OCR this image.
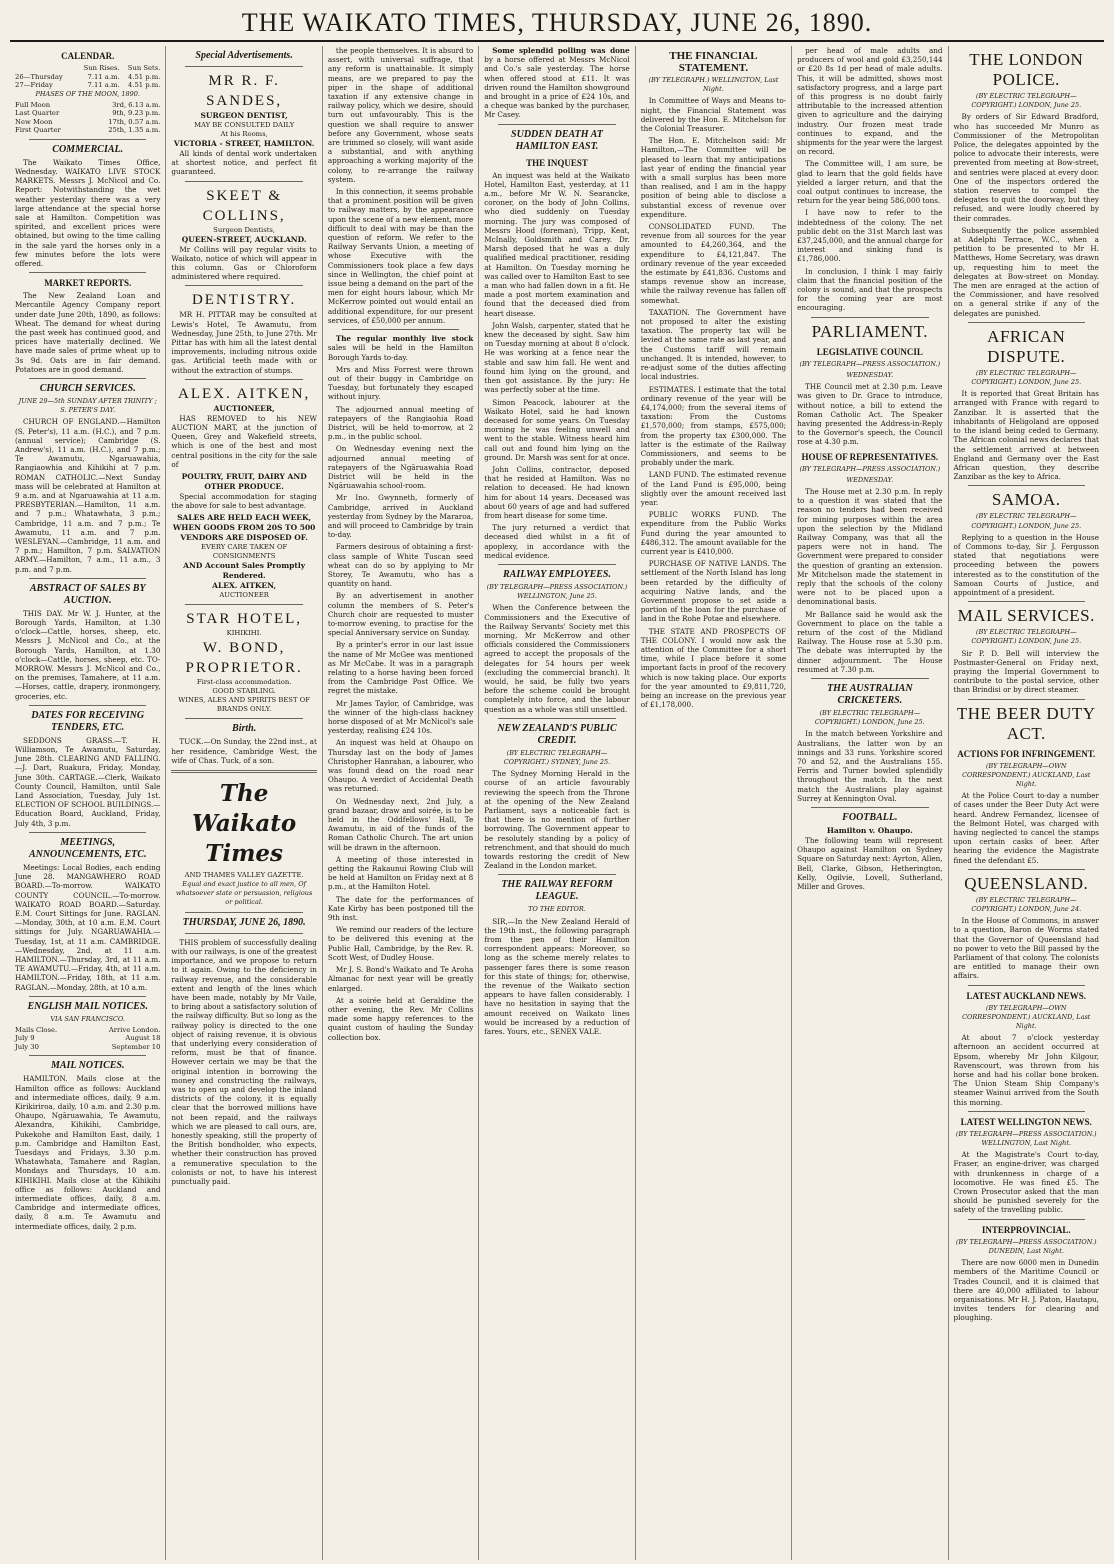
THE WAIKATO TIMES, THURSDAY, JUNE 26, 1890.
CALENDAR.
	Sun Rises.	Sun Sets.
26—Thursday	7.11 a.m.	4.51 p.m.
27—Friday	7.11 a.m.	4.51 p.m.
PHASES OF THE MOON, 1890.
Full Moon	3rd, 6.13 a.m.
Last Quarter	9th, 9.23 p.m.
New Moon	17th, 0.57 a.m.
First Quarter	25th, 1.35 a.m.
COMMERCIAL.

The Waikato Times Office, Wednesday. WAIKATO LIVE STOCK MARKETS. Messrs J. McNicol and Co. Report: Notwithstanding the wet weather yesterday there was a very large attendance at the special horse sale at Hamilton. Competition was spirited, and excellent prices were obtained, but owing to the time calling in the sale yard the horses only in a few minutes before the lots were offered.

MARKET REPORTS.

The New Zealand Loan and Mercantile Agency Company report under date June 20th, 1890, as follows: Wheat. The demand for wheat during the past week has continued good, and prices have materially declined. We have made sales of prime wheat up to 3s 9d. Oats are in fair demand. Potatoes are in good demand.

CHURCH SERVICES.
JUNE 29—5th SUNDAY AFTER TRINITY ; S. PETER'S DAY.

CHURCH OF ENGLAND.—Hamilton (S. Peter's), 11 a.m. (H.C.), and 7 p.m. (annual service); Cambridge (S. Andrew's), 11 a.m. (H.C.), and 7 p.m.; Te Awamutu, Ngaruawahia, Rangiaowhia and Kihikihi at 7 p.m. ROMAN CATHOLIC.—Next Sunday mass will be celebrated at Hamilton at 9 a.m. and at Ngaruawahia at 11 a.m. PRESBYTERIAN.—Hamilton, 11 a.m. and 7 p.m.; Whatawhata, 3 p.m.; Cambridge, 11 a.m. and 7 p.m.; Te Awamutu, 11 a.m. and 7 p.m. WESLEYAN.—Cambridge, 11 a.m. and 7 p.m.; Hamilton, 7 p.m. SALVATION ARMY.—Hamilton, 7 a.m., 11 a.m., 3 p.m. and 7 p.m.

ABSTRACT OF SALES BY AUCTION.

THIS DAY. Mr W. J. Hunter, at the Borough Yards, Hamilton, at 1.30 o'clock—Cattle, horses, sheep, etc. Messrs J. McNicol and Co., at the Borough Yards, Hamilton, at 1.30 o'clock—Cattle, horses, sheep, etc. TO-MORROW. Messrs J. McNicol and Co., on the premises, Tamahere, at 11 a.m.—Horses, cattle, drapery, ironmongery, groceries, etc.

DATES FOR RECEIVING TENDERS, ETC.

SEDDONS GRASS.—T. H. Williamson, Te Awamutu, Saturday, June 28th. CLEARING AND FALLING.—J. Dart, Ruakura, Friday, Monday, June 30th. CARTAGE.—Clerk, Waikato County Council, Hamilton, until Sale Land Association, Tuesday, July 1st. ELECTION OF SCHOOL BUILDINGS.—Education Board, Auckland, Friday, July 4th, 3 p.m.

MEETINGS, ANNOUNCEMENTS, ETC.

Meetings: Local Bodies, each ending June 28. MANGAWHERO ROAD BOARD.—To-morrow. WAIKATO COUNTY COUNCIL.—To-morrow. WAIKATO ROAD BOARD.—Saturday. E.M. Court Sittings for June. RAGLAN.—Monday, 30th, at 10 a.m. E.M. Court sittings for July. NGARUAWAHIA.—Tuesday, 1st, at 11 a.m. CAMBRIDGE.—Wednesday, 2nd, at 11 a.m. HAMILTON.—Thursday, 3rd, at 11 a.m. TE AWAMUTU.—Friday, 4th, at 11 a.m. HAMILTON.—Friday, 18th, at 11 a.m. RAGLAN.—Monday, 28th, at 10 a.m.

ENGLISH MAIL NOTICES.
VIA SAN FRANCISCO.
Mails Close.	Arrive London.
July 9	August 18
July 30	September 10
MAIL NOTICES.

HAMILTON. Mails close at the Hamilton office as follows: Auckland and intermediate offices, daily, 9 a.m. Kirikiriroa, daily, 10 a.m. and 2.30 p.m. Ohaupo, Ngāruawahia, Te Awamutu, Alexandra, Kihikihi, Cambridge, Pukekohe and Hamilton East, daily, 1 p.m. Cambridge and Hamilton East, Tuesdays and Fridays, 3.30 p.m. Whatawhata, Tamahere and Raglan, Mondays and Thursdays, 10 a.m. KIHIKIHI. Mails close at the Kihikihi office as follows: Auckland and intermediate offices, daily, 8 a.m. Cambridge and intermediate offices, daily, 8 a.m. Te Awamutu and intermediate offices, daily, 2 p.m.

Special Advertisements.
MR R. F. SANDES,
SURGEON DENTIST,
MAY BE CONSULTED DAILY
At his Rooms,
VICTORIA - STREET, HAMILTON.

All kinds of dental work undertaken at shortest notice, and perfect fit guaranteed.

SKEET & COLLINS,
Surgeon Dentists,
QUEEN-STREET, AUCKLAND.

Mr Collins will pay regular visits to Waikato, notice of which will appear in this column. Gas or Chloroform administered where required.

DENTISTRY.

MR H. PITTAR may be consulted at Lewis's Hotel, Te Awamutu, from Wednesday, June 25th, to June 27th. Mr Pittar has with him all the latest dental improvements, including nitrous oxide gas. Artificial teeth made with or without the extraction of stumps.

ALEX. AITKEN,
AUCTIONEER,

HAS REMOVED to his NEW AUCTION MART, at the junction of Queen, Grey and Wakefield streets, which is one of the best and most central positions in the city for the sale of

POULTRY, FRUIT, DAIRY AND OTHER PRODUCE.

Special accommodation for staging the above for sale to best advantage.

SALES ARE HELD EACH WEEK, WHEN GOODS FROM 20S TO 500 VENDORS ARE DISPOSED OF.
EVERY CARE TAKEN OF CONSIGNMENTS
AND Account Sales Promptly Rendered.
ALEX. AITKEN,
AUCTIONEER
STAR HOTEL,
KIHIKIHI.
W. BOND, PROPRIETOR.
First-class accommodation.
GOOD STABLING.
WINES, ALES AND SPIRITS BEST OF BRANDS ONLY.
Birth.

TUCK.—On Sunday, the 22nd inst., at her residence, Cambridge West, the wife of Chas. Tuck, of a son.

The Waikato Times
AND THAMES VALLEY GAZETTE.
Equal and exact justice to all men, Of whatsoever state or persuasion, religious or political.
THURSDAY, JUNE 26, 1890.

THIS problem of successfully dealing with our railways, is one of the greatest importance, and we propose to return to it again. Owing to the deficiency in railway revenue, and the considerable extent and length of the lines which have been made, notably by Mr Vaile, to bring about a satisfactory solution of the railway difficulty. But so long as the railway policy is directed to the one object of raising revenue, it is obvious that underlying every consideration of reform, must be that of finance. However certain we may be that the original intention in borrowing the money and constructing the railways, was to open up and develop the inland districts of the colony, it is equally clear that the borrowed millions have not been repaid, and the railways which we are pleased to call ours, are, honestly speaking, still the property of the British bondholder, who expects, whether their construction has proved a remunerative speculation to the colonists or not, to have his interest punctually paid.

the people themselves. It is absurd to assert, with universal suffrage, that any reform is unattainable. It simply means, are we prepared to pay the piper in the shape of additional taxation if any extensive change in railway policy, which we desire, should turn out unfavourably. This is the question we shall require to answer before any Government, whose seats are trimmed so closely, will want aside a substantial, and with anything approaching a working majority of the colony, to re-arrange the railway system.

In this connection, it seems probable that a prominent position will be given to railway matters, by the appearance upon the scene of a new element, more difficult to deal with may be than the question of reform. We refer to the Railway Servants Union, a meeting of whose Executive with the Commissioners took place a few days since in Wellington, the chief point at issue being a demand on the part of the men for eight hours labour, which Mr McKerrow pointed out would entail an additional expenditure, for our present services, of £50,000 per annum.

The regular monthly live stock sales will be held in the Hamilton Borough Yards to-day.

Mrs and Miss Forrest were thrown out of their buggy in Cambridge on Tuesday, but fortunately they escaped without injury.

The adjourned annual meeting of ratepayers of the Rangiaohia Road District, will be held to-morrow, at 2 p.m., in the public school.

On Wednesday evening next the adjourned annual meeting of ratepayers of the Ngāruawahia Road District will be held in the Ngāruawahia school-room.

Mr Ino. Gwynneth, formerly of Cambridge, arrived in Auckland yesterday from Sydney by the Mararoa, and will proceed to Cambridge by train to-day.

Farmers desirous of obtaining a first-class sample of White Tuscan seed wheat can do so by applying to Mr Storey, Te Awamutu, who has a quantity on hand.

By an advertisement in another column the members of S. Peter's Church choir are requested to muster to-morrow evening, to practise for the special Anniversary service on Sunday.

By a printer's error in our last issue the name of Mr McGee was mentioned as Mr McCabe. It was in a paragraph relating to a horse having been forced from the Cambridge Post Office. We regret the mistake.

Mr James Taylor, of Cambridge, was the winner of the high-class hackney horse disposed of at Mr McNicol's sale yesterday, realising £24 10s.

An inquest was held at Ohaupo on Thursday last on the body of James Christopher Hanrahan, a labourer, who was found dead on the road near Ohaupo. A verdict of Accidental Death was returned.

On Wednesday next, 2nd July, a grand bazaar, draw and soirée, is to be held in the Oddfellows' Hall, Te Awamutu, in aid of the funds of the Roman Catholic Church. The art union will be drawn in the afternoon.

A meeting of those interested in getting the Rakaunui Rowing Club will be held at Hamilton on Friday next at 8 p.m., at the Hamilton Hotel.

The date for the performances of Kate Kirby has been postponed till the 9th inst.

We remind our readers of the lecture to be delivered this evening at the Public Hall, Cambridge, by the Rev. R. Scott West, of Dudley House.

Mr J. S. Bond's Waikato and Te Aroha Almanac for next year will be greatly enlarged.

At a soirée held at Geraldine the other evening, the Rev. Mr Collins made some happy references to the quaint custom of hauling the Sunday collection box.

Some splendid polling was done by a horse offered at Messrs McNicol and Co.'s sale yesterday. The horse when offered stood at £11. It was driven round the Hamilton showground and brought in a price of £24 10s, and a cheque was banked by the purchaser, Mr Casey.

SUDDEN DEATH AT HAMILTON EAST.
THE INQUEST

An inquest was held at the Waikato Hotel, Hamilton East, yesterday, at 11 a.m., before Mr W. N. Searancke, coroner, on the body of John Collins, who died suddenly on Tuesday morning. The jury was composed of Messrs Hood (foreman), Tripp, Keat, McInally, Goldsmith and Carey. Dr. Marsh deposed that he was a duly qualified medical practitioner, residing at Hamilton. On Tuesday morning he was called over to Hamilton East to see a man who had fallen down in a fit. He made a post mortem examination and found that the deceased died from heart disease.

John Walsh, carpenter, stated that he knew the deceased by sight. Saw him on Tuesday morning at about 8 o'clock. He was working at a fence near the stable and saw him fall. He went and found him lying on the ground, and then got assistance. By the jury: He was perfectly sober at the time.

Simon Peacock, labourer at the Waikato Hotel, said he had known deceased for some years. On Tuesday morning he was feeling unwell and went to the stable. Witness heard him call out and found him lying on the ground. Dr. Marsh was sent for at once.

John Collins, contractor, deposed that he resided at Hamilton. Was no relation to deceased. He had known him for about 14 years. Deceased was about 60 years of age and had suffered from heart disease for some time.

The jury returned a verdict that deceased died whilst in a fit of apoplexy, in accordance with the medical evidence.

RAILWAY EMPLOYEES.
(BY TELEGRAPH—PRESS ASSOCIATION.) WELLINGTON, June 25.

When the Conference between the Commissioners and the Executive of the Railway Servants' Society met this morning, Mr McKerrow and other officials considered the Commissioners agreed to accept the proposals of the delegates for 54 hours per week (excluding the commercial branch). It would, he said, be fully two years before the scheme could be brought completely into force, and the labour question as a whole was still unsettled.

NEW ZEALAND'S PUBLIC CREDIT.
(BY ELECTRIC TELEGRAPH—COPYRIGHT.) SYDNEY, June 25.

The Sydney Morning Herald in the course of an article favourably reviewing the speech from the Throne at the opening of the New Zealand Parliament, says a noticeable fact is that there is no mention of further borrowing. The Government appear to be resolutely standing by a policy of retrenchment, and that should do much towards restoring the credit of New Zealand in the London market.

THE RAILWAY REFORM LEAGUE.
TO THE EDITOR.

SIR,—In the New Zealand Herald of the 19th inst., the following paragraph from the pen of their Hamilton correspondent appears: Moreover, so long as the scheme merely relates to passenger fares there is some reason for this state of things; for, otherwise, the revenue of the Waikato section appears to have fallen considerably. I have no hesitation in saying that the amount received on Waikato lines would be increased by a reduction of fares. Yours, etc., SENEX VALE.

THE FINANCIAL STATEMENT.
(BY TELEGRAPH.) WELLINGTON, Last Night.

In Committee of Ways and Means to-night, the Financial Statement was delivered by the Hon. E. Mitchelson for the Colonial Treasurer.

The Hon. E. Mitchelson said: Mr Hamilton,—The Committee will be pleased to learn that my anticipations last year of ending the financial year with a small surplus has been more than realised, and I am in the happy position of being able to disclose a substantial excess of revenue over expenditure.

CONSOLIDATED FUND. The revenue from all sources for the year amounted to £4,260,364, and the expenditure to £4,121,847. The ordinary revenue of the year exceeded the estimate by £41,836. Customs and stamps revenue show an increase, while the railway revenue has fallen off somewhat.

TAXATION. The Government have not proposed to alter the existing taxation. The property tax will be levied at the same rate as last year, and the Customs tariff will remain unchanged. It is intended, however, to re-adjust some of the duties affecting local industries.

ESTIMATES. I estimate that the total ordinary revenue of the year will be £4,174,000; from the several items of taxation: From the Customs £1,570,000; from stamps, £575,000; from the property tax £300,000. The latter is the estimate of the Railway Commissioners, and seems to be probably under the mark.

LAND FUND. The estimated revenue of the Land Fund is £95,000, being slightly over the amount received last year.

PUBLIC WORKS FUND. The expenditure from the Public Works Fund during the year amounted to £486,312. The amount available for the current year is £410,000.

PURCHASE OF NATIVE LANDS. The settlement of the North Island has long been retarded by the difficulty of acquiring Native lands, and the Government propose to set aside a portion of the loan for the purchase of land in the Rohe Potae and elsewhere.

THE STATE AND PROSPECTS OF THE COLONY. I would now ask the attention of the Committee for a short time, while I place before it some important facts in proof of the recovery which is now taking place. Our exports for the year amounted to £9,811,720, being an increase on the previous year of £1,178,000.

per head of male adults and producers of wool and gold £3,250,144 or £20 8s 1d per head of male adults. This, it will be admitted, shows most satisfactory progress, and a large part of this progress is no doubt fairly attributable to the increased attention given to agriculture and the dairying industry. Our frozen meat trade continues to expand, and the shipments for the year were the largest on record.

The Committee will, I am sure, be glad to learn that the gold fields have yielded a larger return, and that the coal output continues to increase, the return for the year being 586,000 tons.

I have now to refer to the indebtedness of the colony. The net public debt on the 31st March last was £37,245,000, and the annual charge for interest and sinking fund is £1,786,000.

In conclusion, I think I may fairly claim that the financial position of the colony is sound, and that the prospects for the coming year are most encouraging.

PARLIAMENT.
LEGISLATIVE COUNCIL
(BY TELEGRAPH—PRESS ASSOCIATION.)
WEDNESDAY.

THE Council met at 2.30 p.m. Leave was given to Dr. Grace to introduce, without notice, a bill to extend the Roman Catholic Act. The Speaker having presented the Address-in-Reply to the Governor's speech, the Council rose at 4.30 p.m.

HOUSE OF REPRESENTATIVES.
(BY TELEGRAPH—PRESS ASSOCIATION.)
WEDNESDAY.

The House met at 2.30 p.m. In reply to a question it was stated that the reason no tenders had been received for mining purposes within the area upon the selection by the Midland Railway Company, was that all the papers were not in hand. The Government were prepared to consider the question of granting an extension. Mr Mitchelson made the statement in reply that the schools of the colony were not to be placed upon a denominational basis.

Mr Ballance said he would ask the Government to place on the table a return of the cost of the Midland Railway. The House rose at 5.30 p.m. The debate was interrupted by the dinner adjournment. The House resumed at 7.30 p.m.

THE AUSTRALIAN CRICKETERS.
(BY ELECTRIC TELEGRAPH—COPYRIGHT.) LONDON, June 25.

In the match between Yorkshire and Australians, the latter won by an innings and 33 runs. Yorkshire scored 70 and 52, and the Australians 155. Ferris and Turner bowled splendidly throughout the match. In the next match the Australians play against Surrey at Kennington Oval.

FOOTBALL.
Hamilton v. Ohaupo.

The following team will represent Ohaupo against Hamilton on Sydney Square on Saturday next: Ayrton, Allen, Bell, Clarke, Gibson, Hetherington, Kelly, Ogilvie, Lovell, Sutherland, Miller and Groves.

THE LONDON POLICE.
(BY ELECTRIC TELEGRAPH—COPYRIGHT.) LONDON, June 25.

By orders of Sir Edward Bradford, who has succeeded Mr Munro as Commissioner of the Metropolitan Police, the delegates appointed by the police to advocate their interests, were prevented from meeting at Bow-street, and sentries were placed at every door. One of the inspectors ordered the station reserves to compel the delegates to quit the doorway, but they refused, and were loudly cheered by their comrades.

Subsequently the police assembled at Adelphi Terrace, W.C., when a petition to be presented to Mr H. Matthews, Home Secretary, was drawn up, requesting him to meet the delegates at Bow-street on Monday. The men are enraged at the action of the Commissioner, and have resolved on a general strike if any of the delegates are punished.

AFRICAN DISPUTE.
(BY ELECTRIC TELEGRAPH—COPYRIGHT.) LONDON, June 25.

It is reported that Great Britain has arranged with France with regard to Zanzibar. It is asserted that the inhabitants of Heligoland are opposed to the island being ceded to Germany. The African colonial news declares that the settlement arrived at between England and Germany over the East African question, they describe Zanzibar as the key to Africa.

SAMOA.
(BY ELECTRIC TELEGRAPH—COPYRIGHT.) LONDON, June 25.

Replying to a question in the House of Commons to-day, Sir J. Fergusson stated that negotiations were proceeding between the powers interested as to the constitution of the Samoan Courts of Justice, and appointment of a president.

MAIL SERVICES.
(BY ELECTRIC TELEGRAPH—COPYRIGHT.) LONDON, June 25.

Sir P. D. Bell will interview the Postmaster-General on Friday next, praying the Imperial Government to contribute to the postal service, other than Brindisi or by direct steamer.

THE BEER DUTY ACT.
ACTIONS FOR INFRINGEMENT.
(BY TELEGRAPH—OWN CORRESPONDENT.) AUCKLAND, Last Night.

At the Police Court to-day a number of cases under the Beer Duty Act were heard. Andrew Fernandez, licensee of the Belmont Hotel, was charged with having neglected to cancel the stamps upon certain casks of beer. After hearing the evidence the Magistrate fined the defendant £5.

QUEENSLAND.
(BY ELECTRIC TELEGRAPH—COPYRIGHT.) LONDON, June 24.

In the House of Commons, in answer to a question, Baron de Worms stated that the Governor of Queensland had no power to veto the Bill passed by the Parliament of that colony. The colonists are entitled to manage their own affairs.

LATEST AUCKLAND NEWS.
(BY TELEGRAPH—OWN CORRESPONDENT.) AUCKLAND, Last Night.

At about 7 o'clock yesterday afternoon an accident occurred at Epsom, whereby Mr John Kilgour, Ravenscourt, was thrown from his horse and had his collar bone broken. The Union Steam Ship Company's steamer Wainui arrived from the South this morning.

LATEST WELLINGTON NEWS.
(BY TELEGRAPH—PRESS ASSOCIATION.) WELLINGTON, Last Night.

At the Magistrate's Court to-day, Fraser, an engine-driver, was charged with drunkenness in charge of a locomotive. He was fined £5. The Crown Prosecutor asked that the man should be punished severely for the safety of the travelling public.

INTERPROVINCIAL.
(BY TELEGRAPH—PRESS ASSOCIATION.) DUNEDIN, Last Night.

There are now 6000 men in Dunedin members of the Maritime Council or Trades Council, and it is claimed that there are 40,000 affiliated to labour organisations. Mr H. J. Paton, Hautapu, invites tenders for clearing and ploughing.
